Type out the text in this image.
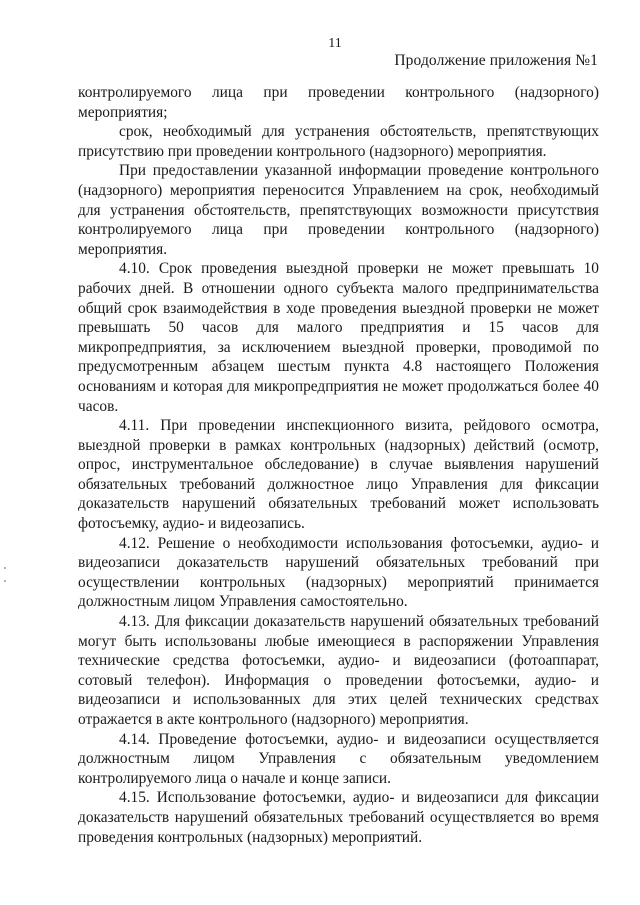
11
Продолжение приложения №1

контролируемого лица при проведении контрольного (надзорного) мероприятия;

срок, необходимый для устранения обстоятельств, препятствующих присутствию при проведении контрольного (надзорного) мероприятия.

При предоставлении указанной информации проведение контрольного (надзорного) мероприятия переносится Управлением на срок, необходимый для устранения обстоятельств, препятствующих возможности присутствия контролируемого лица при проведении контрольного (надзорного) мероприятия.

4.10. Срок проведения выездной проверки не может превышать 10 рабочих дней. В отношении одного субъекта малого предпринимательства общий срок взаимодействия в ходе проведения выездной проверки не может превышать 50 часов для малого предприятия и 15 часов для микропредприятия, за исключением выездной проверки, проводимой по предусмотренным абзацем шестым пункта 4.8 настоящего Положения основаниям и которая для микропредприятия не может продолжаться более 40 часов.

4.11. При проведении инспекционного визита, рейдового осмотра, выездной проверки в рамках контрольных (надзорных) действий (осмотр, опрос, инструментальное обследование) в случае выявления нарушений обязательных требований должностное лицо Управления для фиксации доказательств нарушений обязательных требований может использовать фотосъемку, аудио- и видеозапись.

4.12. Решение о необходимости использования фотосъемки, аудио- и видеозаписи доказательств нарушений обязательных требований при осуществлении контрольных (надзорных) мероприятий принимается должностным лицом Управления самостоятельно.

4.13. Для фиксации доказательств нарушений обязательных требований могут быть использованы любые имеющиеся в распоряжении Управления технические средства фотосъемки, аудио- и видеозаписи (фотоаппарат, сотовый телефон). Информация о проведении фотосъемки, аудио- и видеозаписи и использованных для этих целей технических средствах отражается в акте контрольного (надзорного) мероприятия.

4.14. Проведение фотосъемки, аудио- и видеозаписи осуществляется должностным лицом Управления с обязательным уведомлением контролируемого лица о начале и конце записи.

4.15. Использование фотосъемки, аудио- и видеозаписи для фиксации доказательств нарушений обязательных требований осуществляется во время проведения контрольных (надзорных) мероприятий.
